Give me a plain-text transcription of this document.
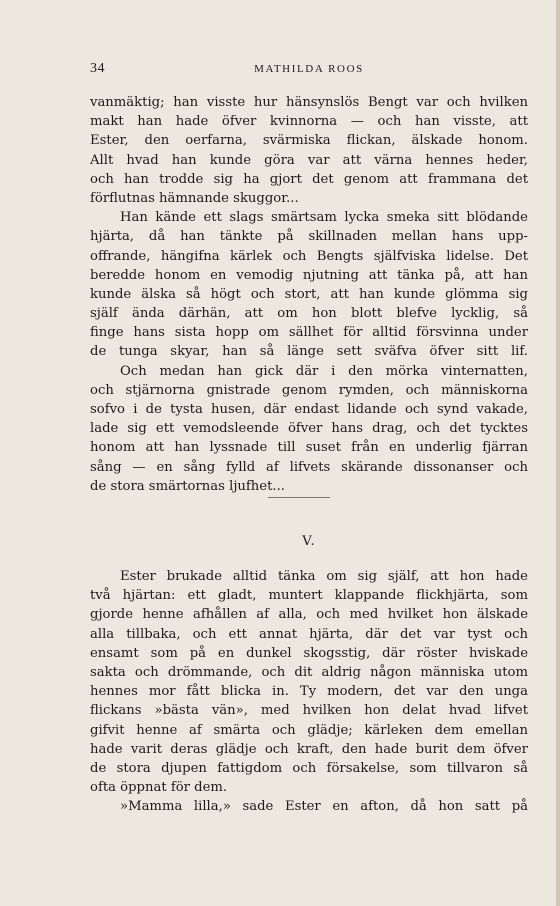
34	MATHILDA ROOS
vanmäktig; han visste hur hänsynslös Bengt var och hvilken
makt han hade öfver kvinnorna — och han visste, att
Ester, den oerfarna, svärmiska flickan, älskade honom.
Allt hvad han kunde göra var att värna hennes heder,
och han trodde sig ha gjort det genom att frammana det
förflutnas hämnande skuggor...
Han kände ett slags smärtsam lycka smeka sitt blödande
hjärta, då han tänkte på skillnaden mellan hans upp-
offrande, hängifna kärlek och Bengts själfviska lidelse. Det
beredde honom en vemodig njutning att tänka på, att han
kunde älska så högt och stort, att han kunde glömma sig
själf ända därhän, att om hon blott blefve lycklig, så
finge hans sista hopp om sällhet för alltid försvinna under
de tunga skyar, han så länge sett sväfva öfver sitt lif.
Och medan han gick där i den mörka vinternatten,
och stjärnorna gnistrade genom rymden, och människorna
sofvo i de tysta husen, där endast lidande och synd vakade,
lade sig ett vemodsleende öfver hans drag, och det tycktes
honom att han lyssnade till suset från en underlig fjärran
sång — en sång fylld af lifvets skärande dissonanser och
de stora smärtornas ljufhet...
V.
Ester brukade alltid tänka om sig själf, att hon hade
två hjärtan: ett gladt, muntert klappande flickhjärta, som
gjorde henne afhållen af alla, och med hvilket hon älskade
alla tillbaka, och ett annat hjärta, där det var tyst och
ensamt som på en dunkel skogsstig, där röster hviskade
sakta och drömmande, och dit aldrig någon människa utom
hennes mor fått blicka in. Ty modern, det var den unga
flickans »bästa vän», med hvilken hon delat hvad lifvet
gifvit henne af smärta och glädje; kärleken dem emellan
hade varit deras glädje och kraft, den hade burit dem öfver
de stora djupen fattigdom och försakelse, som tillvaron så
ofta öppnat för dem.
»Mamma lilla,» sade Ester en afton, då hon satt på
